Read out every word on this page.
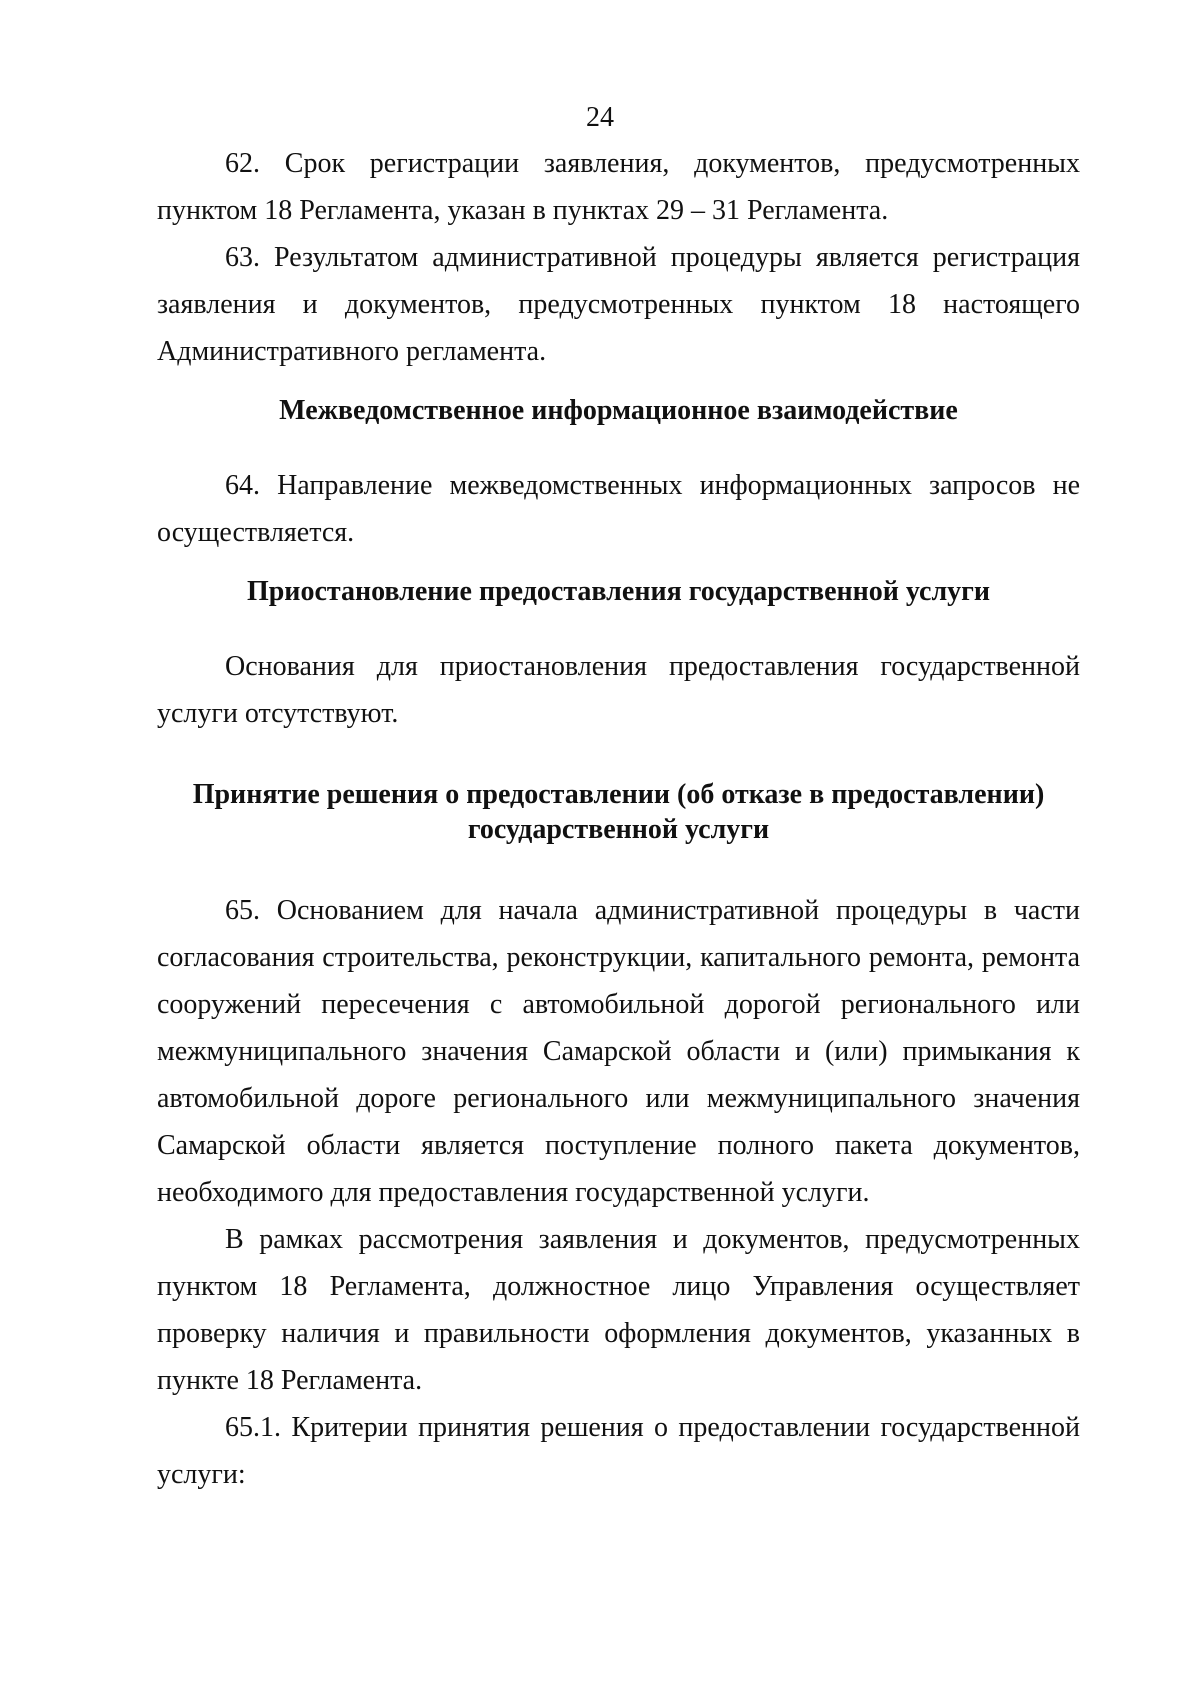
24

62. Срок регистрации заявления, документов, предусмотренных пунктом 18 Регламента, указан в пунктах 29 – 31 Регламента.

63. Результатом административной процедуры является регистрация заявления и документов, предусмотренных пунктом 18 настоящего Административного регламента.

Межведомственное информационное взаимодействие

64. Направление межведомственных информационных запросов не осуществляется.

Приостановление предоставления государственной услуги

Основания для приостановления предоставления государственной услуги отсутствуют.

Принятие решения о предоставлении (об отказе в предоставлении)

государственной услуги

65. Основанием для начала административной процедуры в части согласования строительства, реконструкции, капитального ремонта, ремонта сооружений пересечения с автомобильной дорогой регионального или межмуниципального значения Самарской области и (или) примыкания к автомобильной дороге регионального или межмуниципального значения Самарской области является поступление полного пакета документов, необходимого для предоставления государственной услуги.

В рамках рассмотрения заявления и документов, предусмотренных пунктом 18 Регламента, должностное лицо Управления осуществляет проверку наличия и правильности оформления документов, указанных в пункте 18 Регламента.

65.1. Критерии принятия решения о предоставлении государственной услуги:
